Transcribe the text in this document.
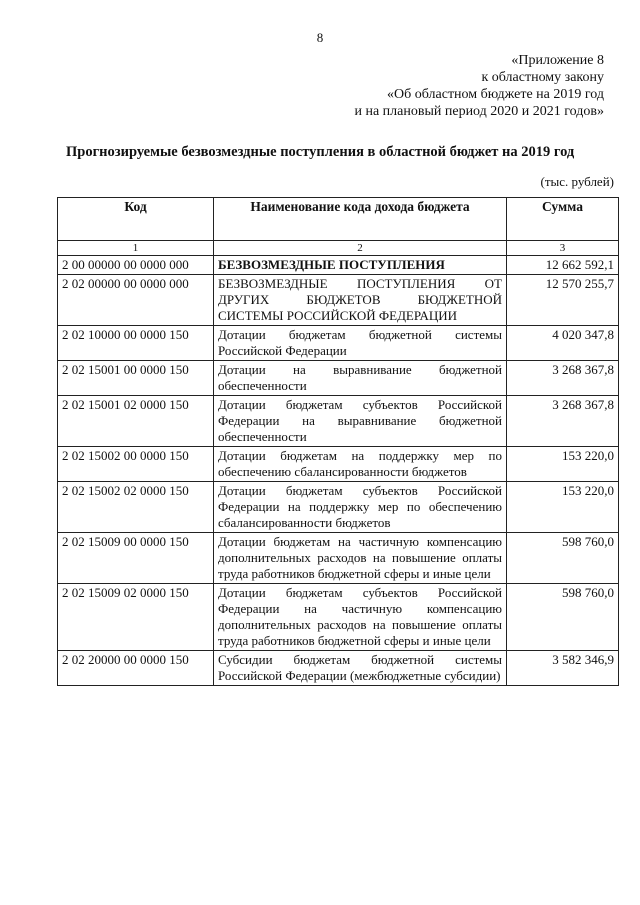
8
«Приложение 8
к областному закону
«Об областном бюджете на 2019 год
и на плановый период 2020 и 2021 годов»
Прогнозируемые безвозмездные поступления в областной бюджет на 2019 год
(тыс. рублей)
Код	Наименование кода дохода бюджета	Сумма
1	2	3
2 00 00000 00 0000 000	БЕЗВОЗМЕЗДНЫЕ ПОСТУПЛЕНИЯ	12 662 592,1
2 02 00000 00 0000 000	БЕЗВОЗМЕЗДНЫЕ ПОСТУПЛЕНИЯ ОТ ДРУГИХ БЮДЖЕТОВ БЮДЖЕТНОЙ СИСТЕМЫ РОССИЙСКОЙ ФЕДЕРАЦИИ	12 570 255,7
2 02 10000 00 0000 150	Дотации бюджетам бюджетной системы Российской Федерации	4 020 347,8
2 02 15001 00 0000 150	Дотации на выравнивание бюджетной обеспеченности	3 268 367,8
2 02 15001 02 0000 150	Дотации бюджетам субъектов Российской Федерации на выравнивание бюджетной обеспеченности	3 268 367,8
2 02 15002 00 0000 150	Дотации бюджетам на поддержку мер по обеспечению сбалансированности бюджетов	153 220,0
2 02 15002 02 0000 150	Дотации бюджетам субъектов Российской Федерации на поддержку мер по обеспечению сбалансированности бюджетов	153 220,0
2 02 15009 00 0000 150	Дотации бюджетам на частичную компенсацию дополнительных расходов на повышение оплаты труда работников бюджетной сферы и иные цели	598 760,0
2 02 15009 02 0000 150	Дотации бюджетам субъектов Российской Федерации на частичную компенсацию дополнительных расходов на повышение оплаты труда работников бюджетной сферы и иные цели	598 760,0
2 02 20000 00 0000 150	Субсидии бюджетам бюджетной системы Российской Федерации (межбюджетные субсидии)	3 582 346,9
